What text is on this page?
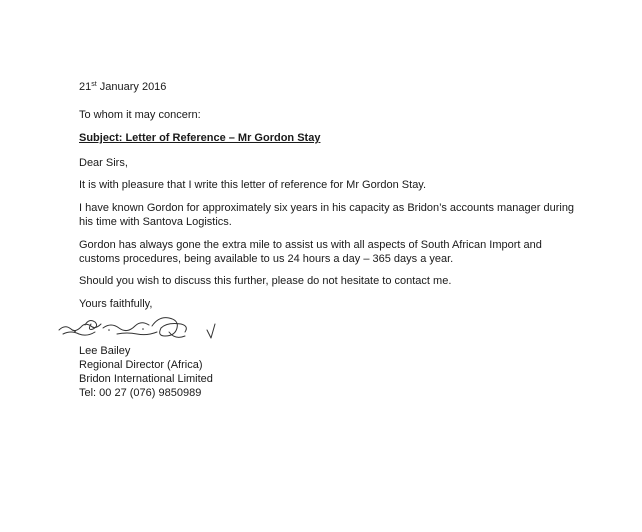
21st January 2016
To whom it may concern:
Subject: Letter of Reference – Mr Gordon Stay
Dear Sirs,
It is with pleasure that I write this letter of reference for Mr Gordon Stay.
I have known Gordon for approximately six years in his capacity as Bridon’s accounts manager during
his time with Santova Logistics.
Gordon has always gone the extra mile to assist us with all aspects of South African Import and
customs procedures, being available to us 24 hours a day – 365 days a year.
Should you wish to discuss this further, please do not hesitate to contact me.
Yours faithfully,
Lee Bailey
Regional Director (Africa)
Bridon International Limited
Tel: 00 27 (076) 9850989
